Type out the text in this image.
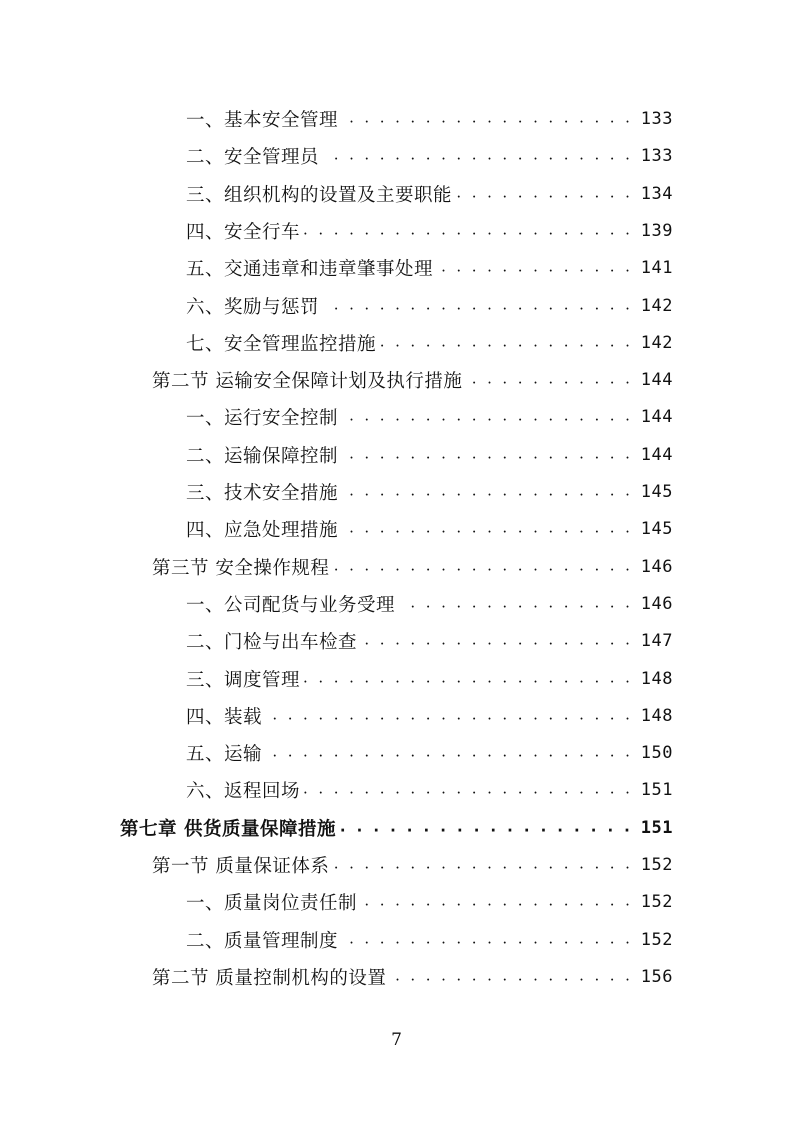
一、基本安全管理 . . .	133
二、安全管理员 . . .	133
三、组织机构的设置及主要职能 . . .	134
四、安全行车 . . .	139
五、交通违章和违章肇事处理 . . .	141
六、奖励与惩罚 . . .	142
七、安全管理监控措施 . . .	142
第二节 运输安全保障计划及执行措施 . . .	144
一、运行安全控制 . . .	144
二、运输保障控制 . . .	144
三、技术安全措施 . . .	145
四、应急处理措施 . . .	145
第三节 安全操作规程 . . .	146
一、公司配货与业务受理 . . .	146
二、门检与出车检查 . . .	147
三、调度管理 . . .	148
四、装载 . . .	148
五、运输 . . .	150
六、返程回场 . . .	151
第七章 供货质量保障措施 . . .	151
第一节 质量保证体系 . . .	152
一、质量岗位责任制 . . .	152
二、质量管理制度 . . .	152
第二节 质量控制机构的设置 . . .	156
7
